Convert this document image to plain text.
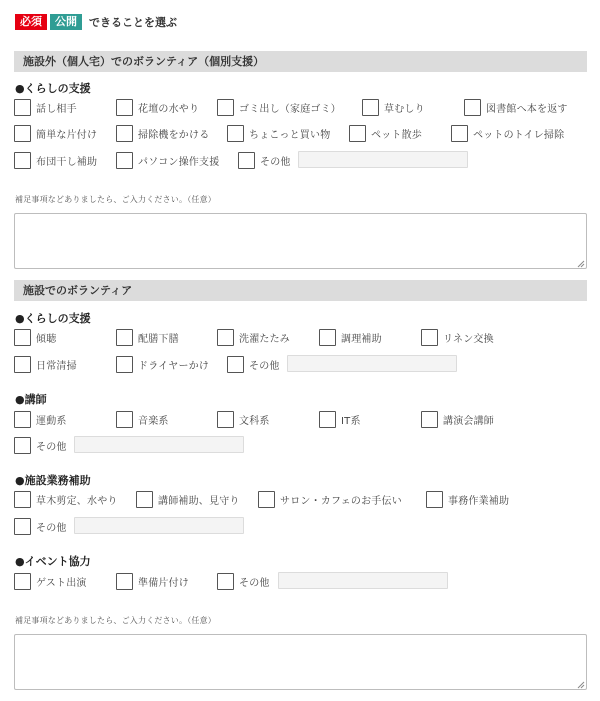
必須	公開	できることを選ぶ
施設外（個人宅）でのボランティア（個別支援）
●くらしの支援
話し相手	花壇の水やり	ゴミ出し（家庭ゴミ）	草むしり	図書館へ本を返す
簡単な片付け	掃除機をかける	ちょこっと買い物	ペット散歩	ペットのトイレ掃除
布団干し補助	パソコン操作支援	その他
補足事項などありましたら、ご入力ください。（任意）
施設でのボランティア
●くらしの支援
傾聴	配膳下膳	洗濯たたみ	調理補助	リネン交換
日常清掃	ドライヤーかけ	その他
●講師
運動系	音楽系	文科系	IT系	講演会講師
その他
●施設業務補助
草木剪定、水やり	講師補助、見守り	サロン・カフェのお手伝い	事務作業補助
その他
●イベント協力
ゲスト出演	準備片付け	その他
補足事項などありましたら、ご入力ください。（任意）
